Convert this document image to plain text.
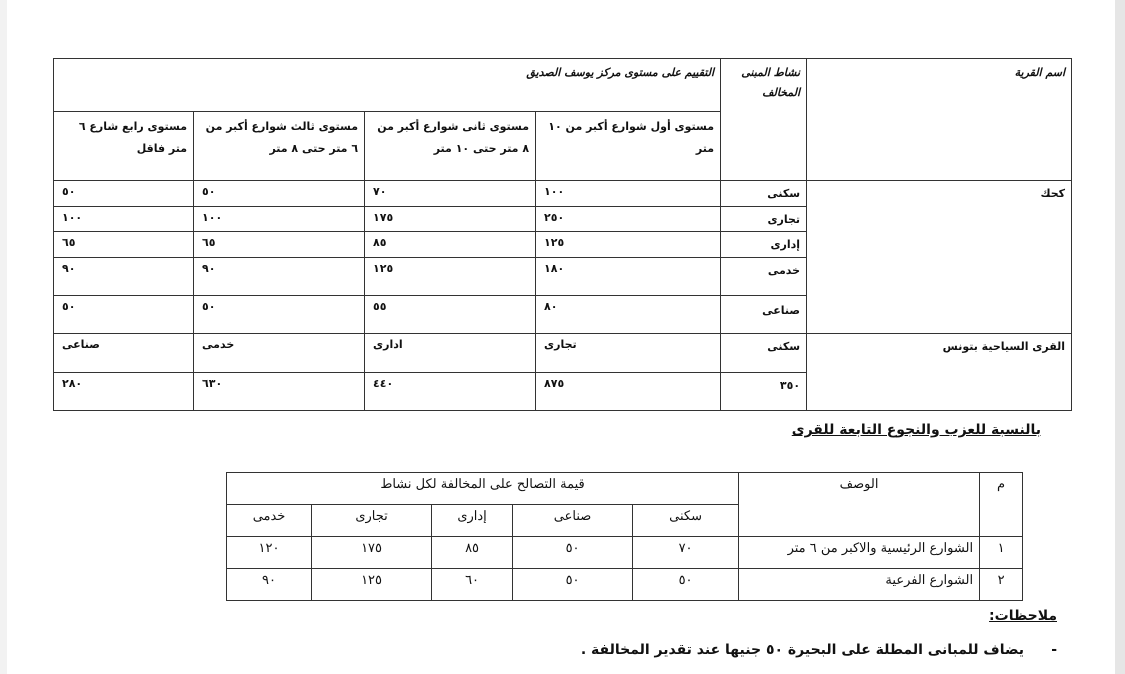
اسم القرية	نشاط المبنى المخالف	التقييم على مستوى مركز يوسف الصديق			
		مستوى أول شوارع أكبر من ١٠ متر	مستوى ثانى شوارع أكبر من ٨ متر حتى ١٠ متر	مستوى ثالث شوارع أكبر من ٦ متر حتى ٨ متر	مستوى رابع شارع ٦ متر فاقل
كحك	سكنى	١٠٠	٧٠	٥٠	٥٠
	تجارى	٢٥٠	١٧٥	١٠٠	١٠٠
	إدارى	١٢٥	٨٥	٦٥	٦٥
	خدمى	١٨٠	١٢٥	٩٠	٩٠
	صناعى	٨٠	٥٥	٥٠	٥٠
القرى السياحية بتونس	سكنى	تجارى	ادارى	خدمى	صناعى
	٣٥٠	٨٧٥	٤٤٠	٦٣٠	٢٨٠
بالنسبة للعزب والنجوع التابعة للقرى
م	الوصف	قيمة التصالح على المخالفة لكل نشاط				
		سكنى	صناعى	إدارى	تجارى	خدمى
١	الشوارع الرئيسية والاكبر من ٦ متر	٧٠	٥٠	٨٥	١٧٥	١٢٠
٢	الشوارع الفرعية	٥٠	٥٠	٦٠	١٢٥	٩٠
ملاحظات:
-
يضاف للمبانى المطلة على البحيرة ٥٠ جنيها عند تقدير المخالفة .
